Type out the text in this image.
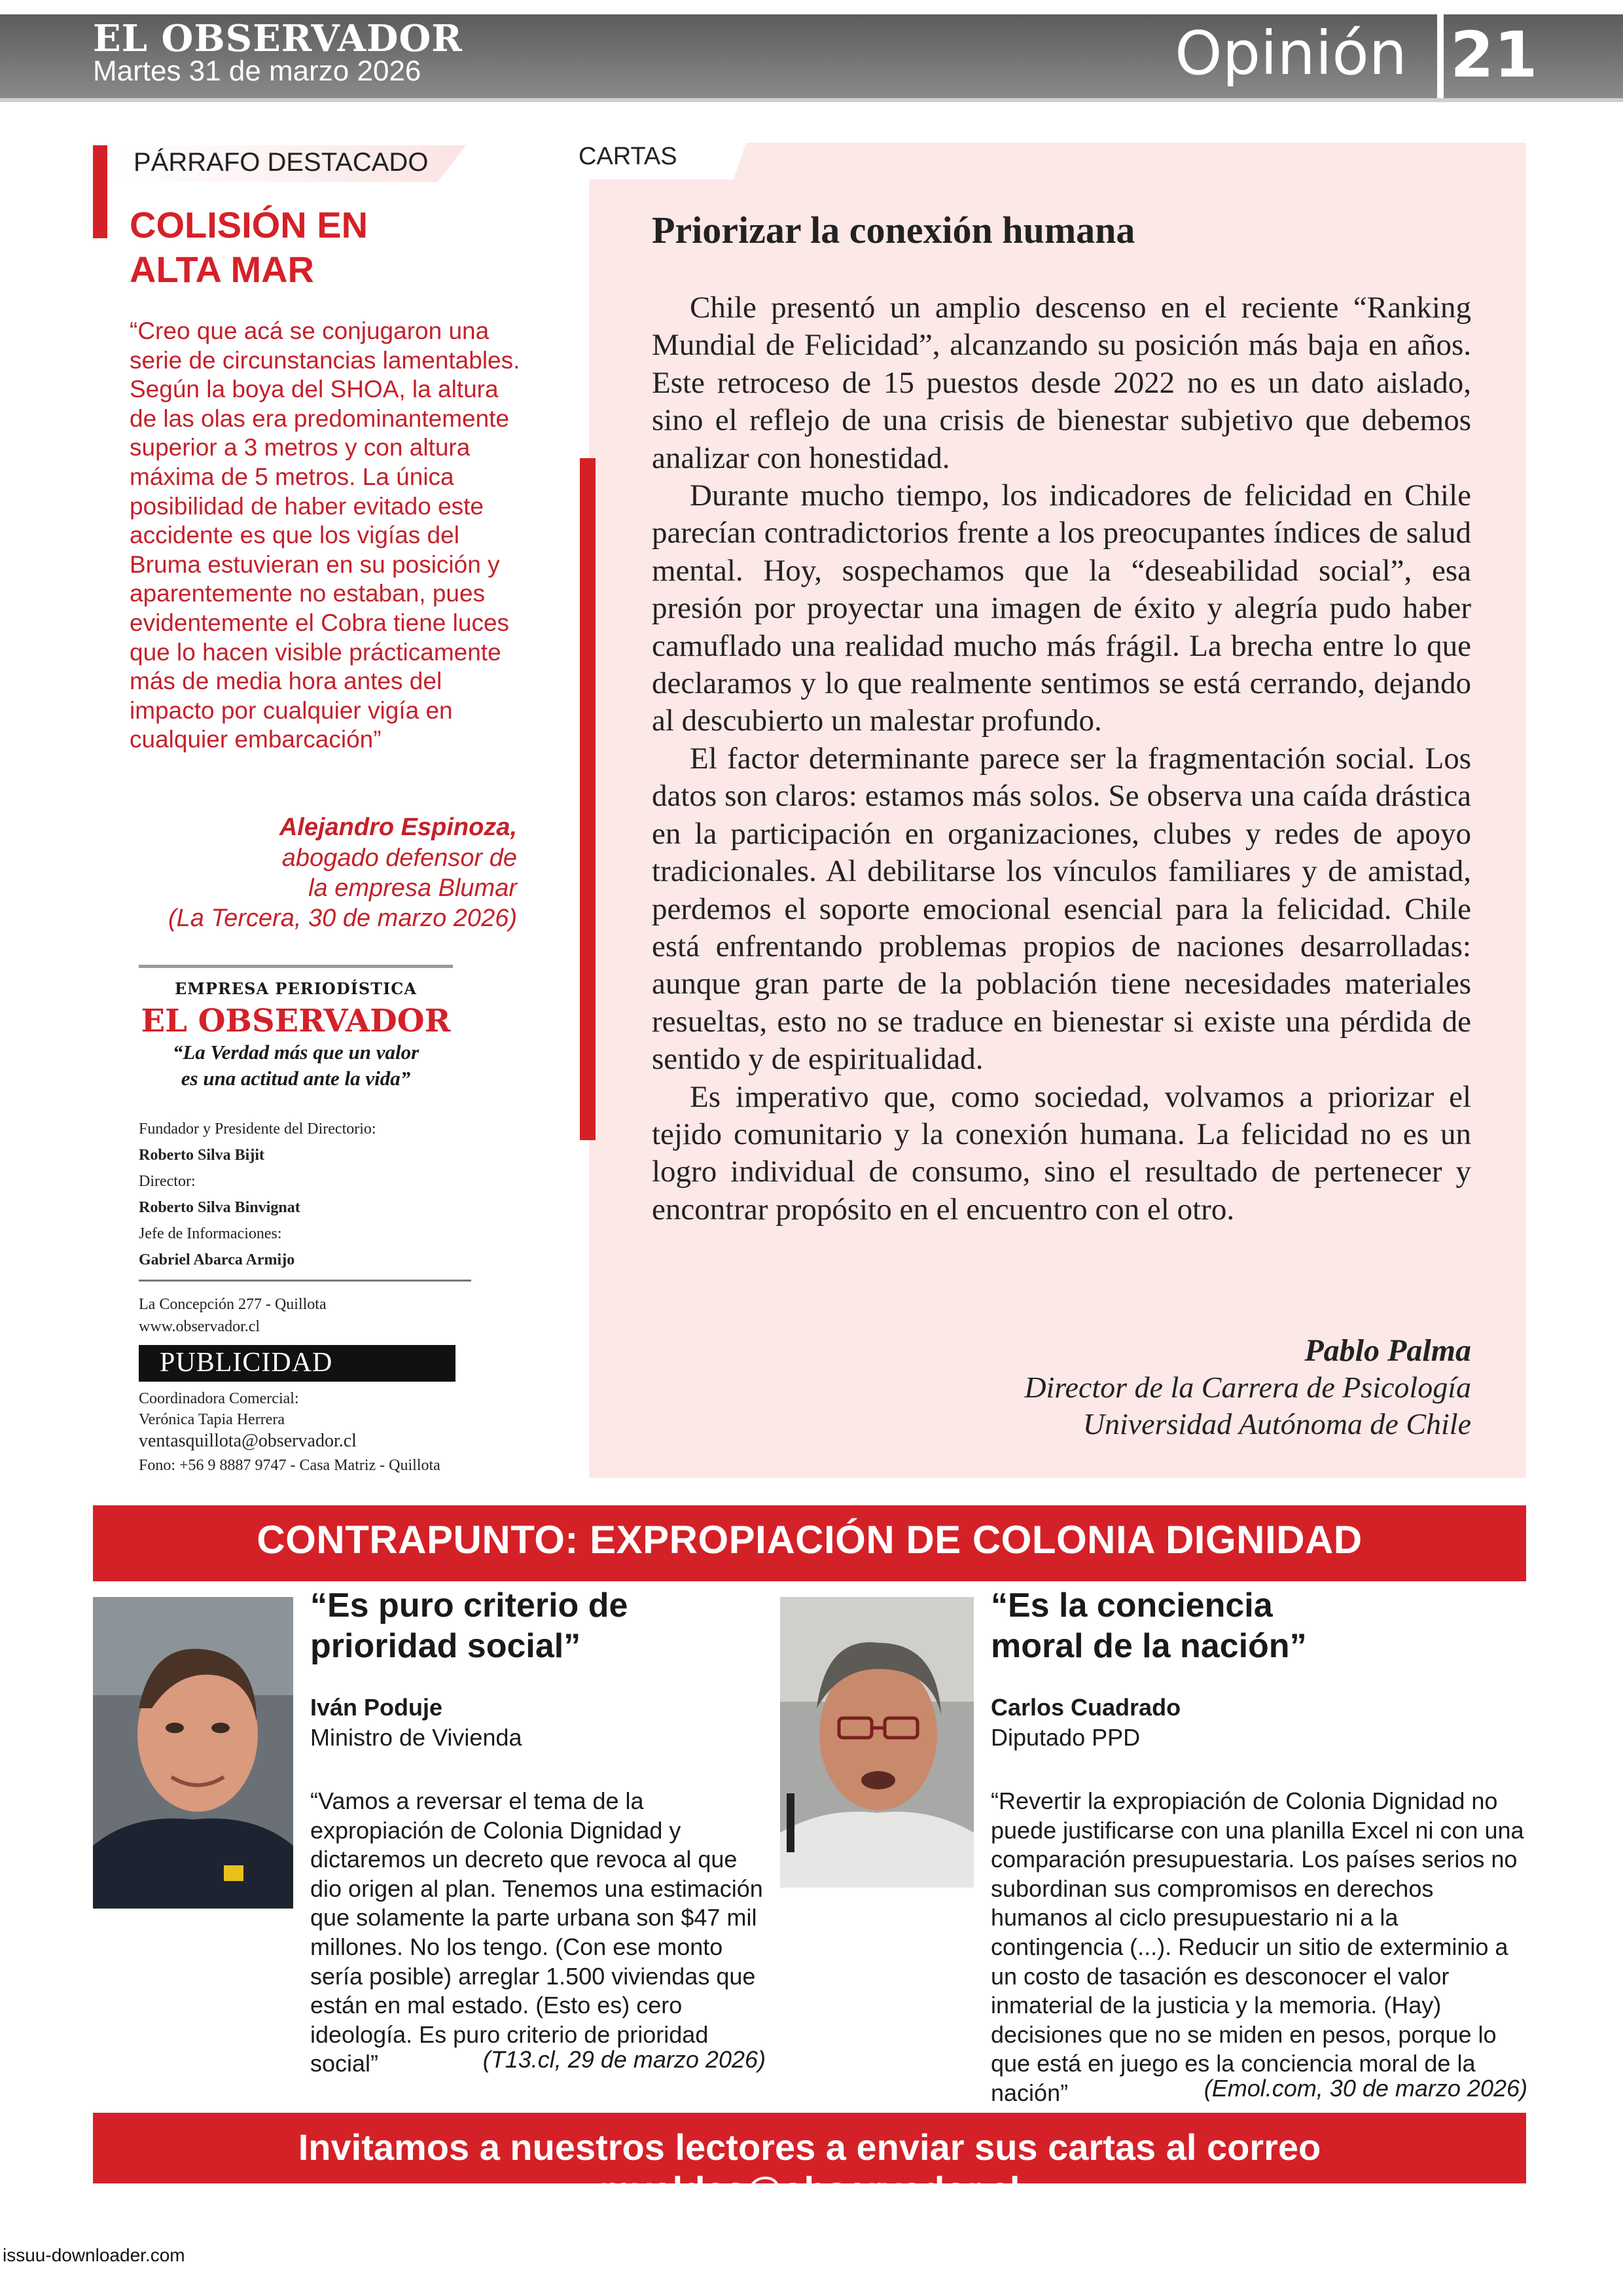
EL OBSERVADOR
Martes 31 de marzo 2026	Opinión 21
PÁRRAFO DESTACADO
COLISIÓN EN
ALTA MAR
“Creo que acá se conjugaron una serie de circunstancias lamentables. Según la boya del SHOA, la altura de las olas era predominantemente superior a 3 metros y con altura máxima de 5 metros. La única posibilidad de haber evitado este accidente es que los vigías del Bruma estuvieran en su posición y aparentemente no estaban, pues evidentemente el Cobra tiene luces que lo hacen visible prácticamente más de media hora antes del impacto por cualquier vigía en cualquier embarcación”
Alejandro Espinoza,
abogado defensor de
la empresa Blumar
(La Tercera, 30 de marzo 2026)
EMPRESA PERIODÍSTICA
EL OBSERVADOR
“La Verdad más que un valor
es una actitud ante la vida”
Fundador y Presidente del Directorio:
Roberto Silva Bijit
Director:
Roberto Silva Binvignat
Jefe de Informaciones:
Gabriel Abarca Armijo
La Concepción 277 - Quillota
www.observador.cl
PUBLICIDAD
Coordinadora Comercial:
Verónica Tapia Herrera
ventasquillota@observador.cl
Fono: +56 9 8887 9747 - Casa Matriz - Quillota
CARTAS
Priorizar la conexión humana

Chile presentó un amplio descenso en el reciente “Ranking Mundial de Felicidad”, alcanzando su posición más baja en años. Este retroceso de 15 puestos desde 2022 no es un dato aislado, sino el reflejo de una crisis de bienestar subjetivo que debemos analizar con honestidad.

Durante mucho tiempo, los indicadores de felicidad en Chile parecían contradictorios frente a los preocupantes índices de salud mental. Hoy, sospechamos que la “deseabilidad social”, esa presión por proyectar una imagen de éxito y alegría pudo haber camuflado una realidad mucho más frágil. La brecha entre lo que declaramos y lo que realmente sentimos se está cerrando, dejando al descubierto un malestar profundo.

El factor determinante parece ser la fragmentación social. Los datos son claros: estamos más solos. Se observa una caída drástica en la participación en organizaciones, clubes y redes de apoyo tradicionales. Al debilitarse los vínculos familiares y de amistad, perdemos el soporte emocional esencial para la felicidad. Chile está enfrentando problemas propios de naciones desarrolladas: aunque gran parte de la población tiene necesidades materiales resueltas, esto no se traduce en bienestar si existe una pérdida de sentido y de espiritualidad.

Es imperativo que, como sociedad, volvamos a priorizar el tejido comunitario y la conexión humana. La felicidad no es un logro individual de consumo, sino el resultado de pertenecer y encontrar propósito en el encuentro con el otro.

Pablo Palma
Director de la Carrera de Psicología
Universidad Autónoma de Chile
CONTRAPUNTO: EXPROPIACIÓN DE COLONIA DIGNIDAD
“Es puro criterio de
prioridad social”
Iván Poduje
Ministro de Vivienda
“Vamos a reversar el tema de la expropiación de Colonia Dignidad y dictaremos un decreto que revoca al que dio origen al plan. Tenemos una estimación que solamente la parte urbana son $47 mil millones. No los tengo. (Con ese monto sería posible) arreglar 1.500 viviendas que están en mal estado. (Esto es) cero ideología. Es puro criterio de prioridad social”	(T13.cl, 29 de marzo 2026)
“Es la conciencia
moral de la nación”
Carlos Cuadrado
Diputado PPD
“Revertir la expropiación de Colonia Dignidad no puede justificarse con una planilla Excel ni con una comparación presupuestaria. Los países serios no subordinan sus compromisos en derechos humanos al ciclo presupuestario ni a la contingencia (...). Reducir un sitio de exterminio a un costo de tasación es desconocer el valor inmaterial de la justicia y la memoria. (Hay) decisiones que no se miden en pesos, porque lo que está en juego es la conciencia moral de la nación”	(Emol.com, 30 de marzo 2026)
Invitamos a nuestros lectores a enviar sus cartas al correo mvaldes@observador.cl
issuu-downloader.com
